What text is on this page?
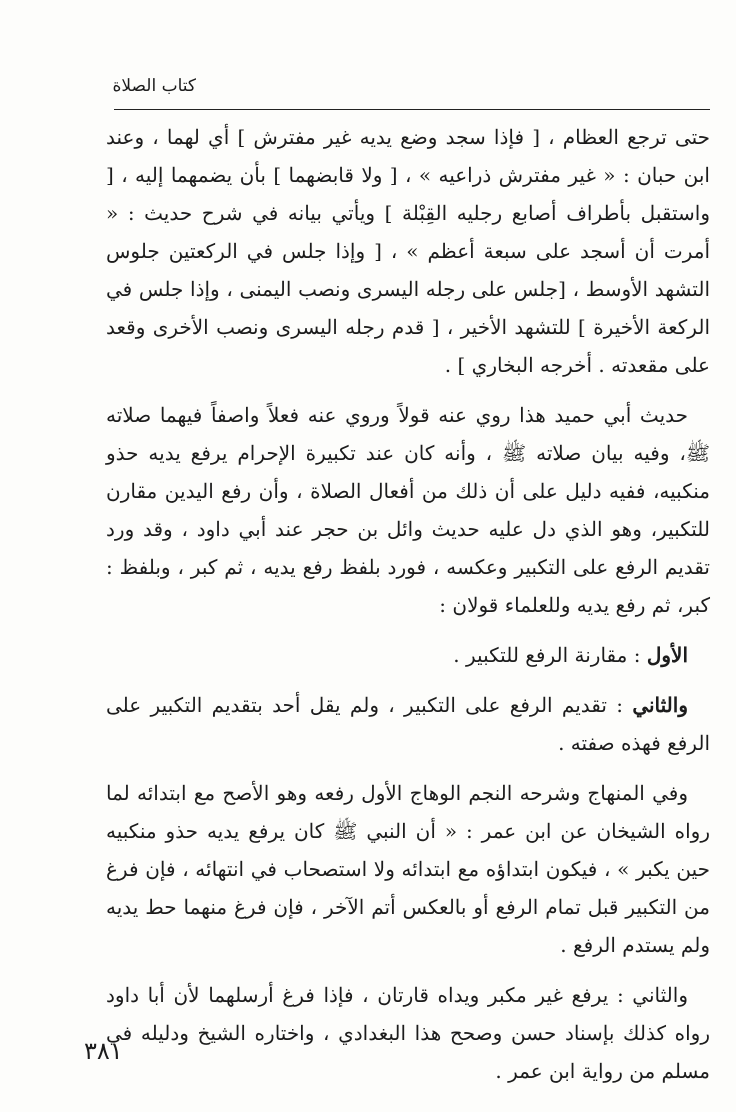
كتاب الصلاة

حتى ترجع العظام ، [ فإذا سجد وضع يديه غير مفترش ] أي لهما ، وعند ابن حبان : « غير مفترش ذراعيه » ، [ ولا قابضهما ] بأن يضمهما إليه ، [ واستقبل بأطراف أصابع رجليه القِبْلة ] ويأتي بيانه في شرح حديث : « أمرت أن أسجد على سبعة أعظم » ، [ وإذا جلس في الركعتين جلوس التشهد الأوسط ، [جلس على رجله اليسرى ونصب اليمنى ، وإذا جلس في الركعة الأخيرة ] للتشهد الأخير ، [ قدم رجله اليسرى ونصب الأخرى وقعد على مقعدته . أخرجه البخاري ] .

حديث أبي حميد هذا روي عنه قولاً وروي عنه فعلاً واصفاً فيهما صلاته ﷺ، وفيه بيان صلاته ﷺ ، وأنه كان عند تكبيرة الإحرام يرفع يديه حذو منكبيه، ففيه دليل على أن ذلك من أفعال الصلاة ، وأن رفع اليدين مقارن للتكبير، وهو الذي دل عليه حديث وائل بن حجر عند أبي داود ، وقد ورد تقديم الرفع على التكبير وعكسه ، فورد بلفظ رفع يديه ، ثم كبر ، وبلفظ : كبر، ثم رفع يديه وللعلماء قولان :

الأول : مقارنة الرفع للتكبير .

والثاني : تقديم الرفع على التكبير ، ولم يقل أحد بتقديم التكبير على الرفع فهذه صفته .

وفي المنهاج وشرحه النجم الوهاج الأول رفعه وهو الأصح مع ابتدائه لما رواه الشيخان عن ابن عمر : « أن النبي ﷺ كان يرفع يديه حذو منكبيه حين يكبر » ، فيكون ابتداؤه مع ابتدائه ولا استصحاب في انتهائه ، فإن فرغ من التكبير قبل تمام الرفع أو بالعكس أتم الآخر ، فإن فرغ منهما حط يديه ولم يستدم الرفع .

والثاني : يرفع غير مكبر ويداه قارتان ، فإذا فرغ أرسلهما لأن أبا داود رواه كذلك بإسناد حسن وصحح هذا البغدادي ، واختاره الشيخ ودليله في مسلم من رواية ابن عمر .

٣٨١
